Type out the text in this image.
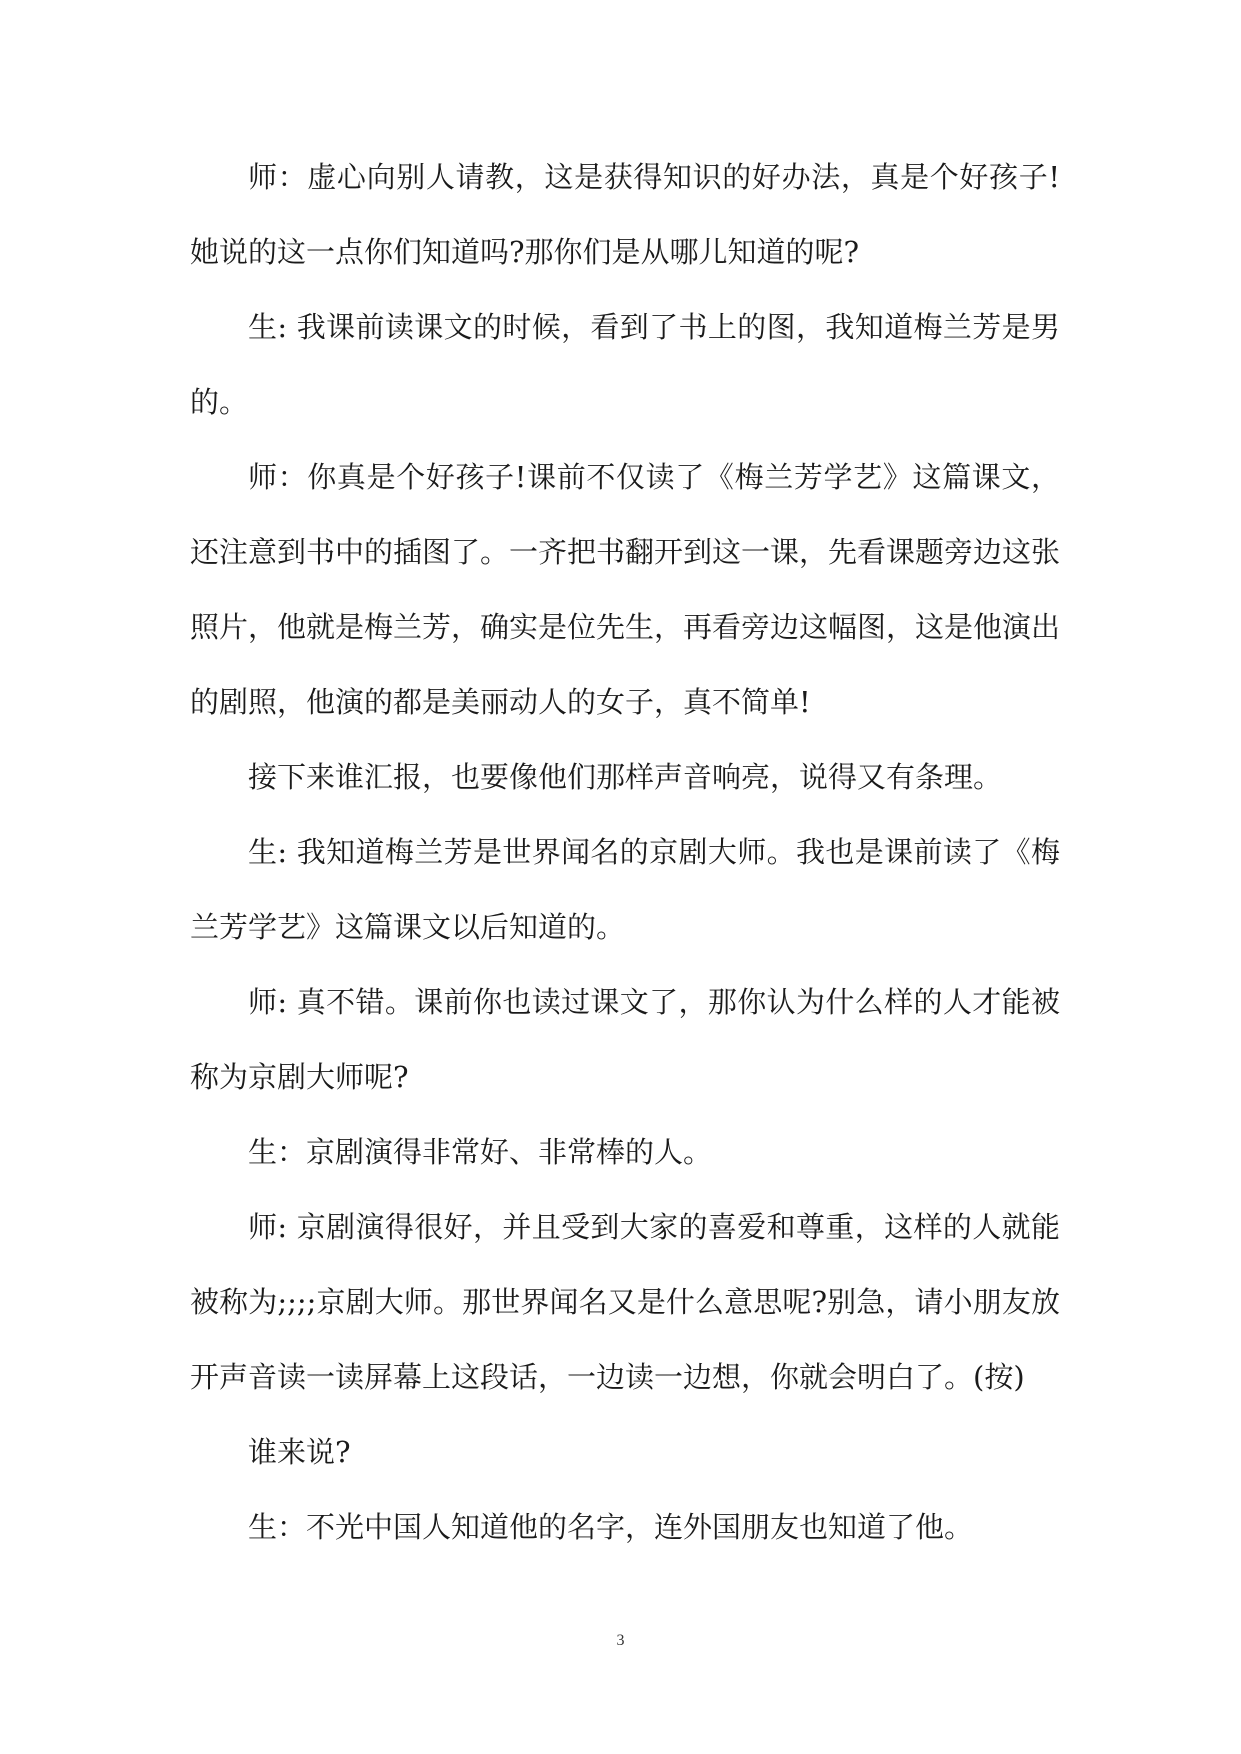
师：虚心向别人请教，这是获得知识的好办法，真是个好孩子!她说的这一点你们知道吗?那你们是从哪儿知道的呢?

生: 我课前读课文的时候，看到了书上的图，我知道梅兰芳是男的。

师：你真是个好孩子!课前不仅读了《梅兰芳学艺》这篇课文，还注意到书中的插图了。一齐把书翻开到这一课，先看课题旁边这张照片，他就是梅兰芳，确实是位先生，再看旁边这幅图，这是他演出的剧照，他演的都是美丽动人的女子，真不简单!

接下来谁汇报，也要像他们那样声音响亮，说得又有条理。

生: 我知道梅兰芳是世界闻名的京剧大师。我也是课前读了《梅兰芳学艺》这篇课文以后知道的。

师: 真不错。课前你也读过课文了，那你认为什么样的人才能被称为京剧大师呢?

生：京剧演得非常好、非常棒的人。

师: 京剧演得很好，并且受到大家的喜爱和尊重，这样的人就能被称为;;;;京剧大师。那世界闻名又是什么意思呢?别急，请小朋友放开声音读一读屏幕上这段话，一边读一边想，你就会明白了。(按)

谁来说?

生：不光中国人知道他的名字，连外国朋友也知道了他。

3
